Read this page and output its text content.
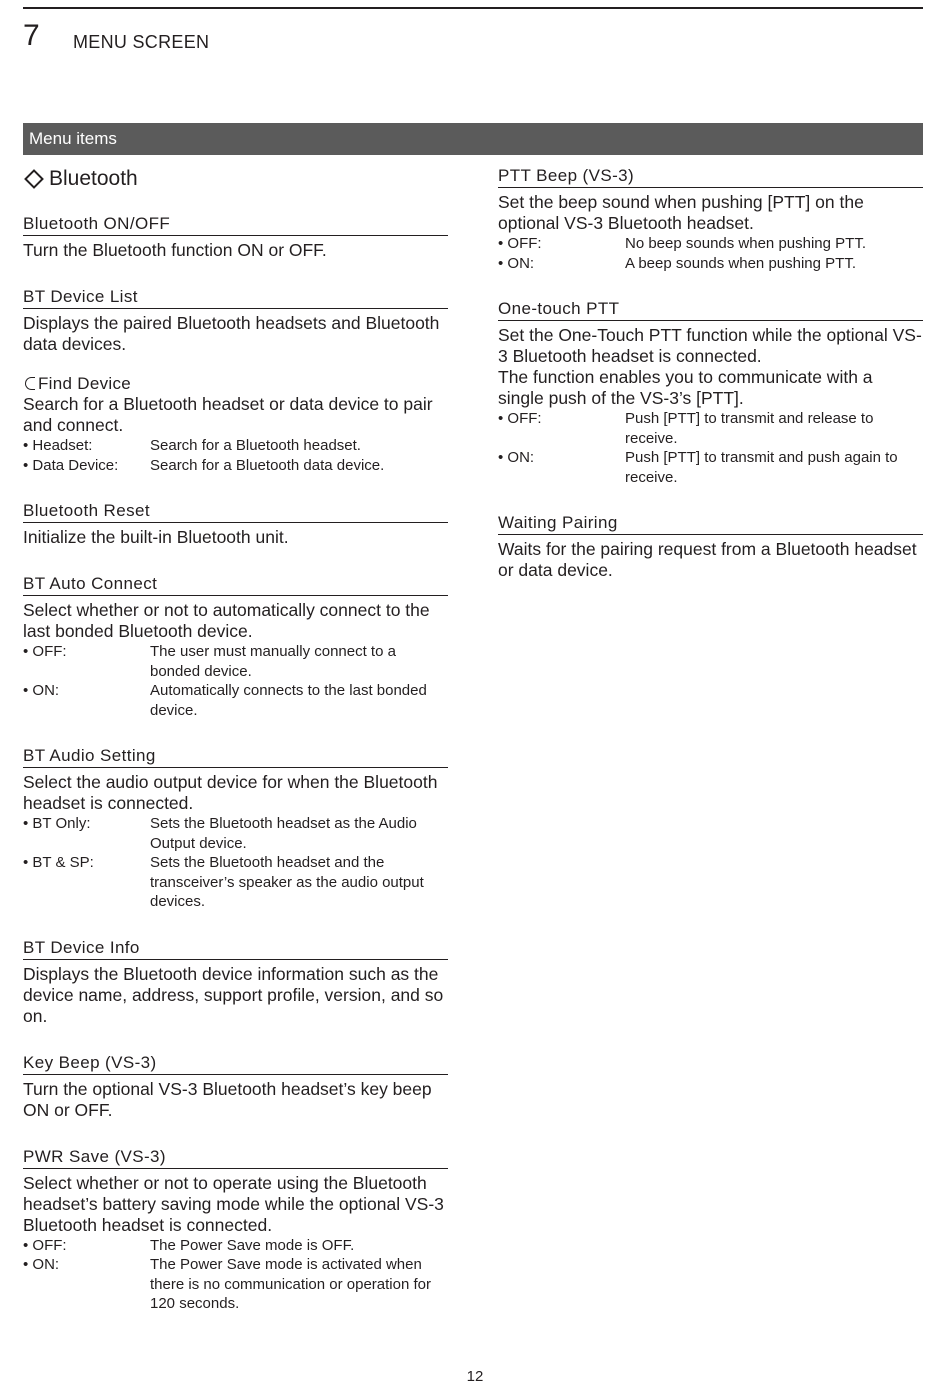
7 MENU SCREEN
Menu items
Bluetooth
Bluetooth ON/OFF
Turn the Bluetooth function ON or OFF.
BT Device List
Displays the paired Bluetooth headsets and Bluetooth data devices.
Find Device
Search for a Bluetooth headset or data device to pair and connect.
• Headset:	Search for a Bluetooth headset.
• Data Device:	Search for a Bluetooth data device.
Bluetooth Reset
Initialize the built-in Bluetooth unit.
BT Auto Connect
Select whether or not to automatically connect to the last bonded Bluetooth device.
• OFF:	The user must manually connect to a bonded device.
• ON:	Automatically connects to the last bonded device.
BT Audio Setting
Select the audio output device for when the Bluetooth headset is connected.
• BT Only:	Sets the Bluetooth headset as the Audio Output device.
• BT & SP:	Sets the Bluetooth headset and the transceiver’s speaker as the audio output devices.
BT Device Info
Displays the Bluetooth device information such as the device name, address, support profile, version, and so on.
Key Beep (VS-3)
Turn the optional VS-3 Bluetooth headset’s key beep ON or OFF.
PWR Save (VS-3)
Select whether or not to operate using the Bluetooth headset’s battery saving mode while the optional VS-3 Bluetooth headset is connected.
• OFF:	The Power Save mode is OFF.
• ON:	The Power Save mode is activated when there is no communication or operation for 120 seconds.
PTT Beep (VS-3)
Set the beep sound when pushing [PTT] on the optional VS-3 Bluetooth headset.
• OFF:	No beep sounds when pushing PTT.
• ON:	A beep sounds when pushing PTT.
One-touch PTT
Set the One-Touch PTT function while the optional VS-3 Bluetooth headset is connected.
The function enables you to communicate with a single push of the VS-3’s [PTT].
• OFF:	Push [PTT] to transmit and release to receive.
• ON:	Push [PTT] to transmit and push again to receive.
Waiting Pairing
Waits for the pairing request from a Bluetooth headset or data device.
12
